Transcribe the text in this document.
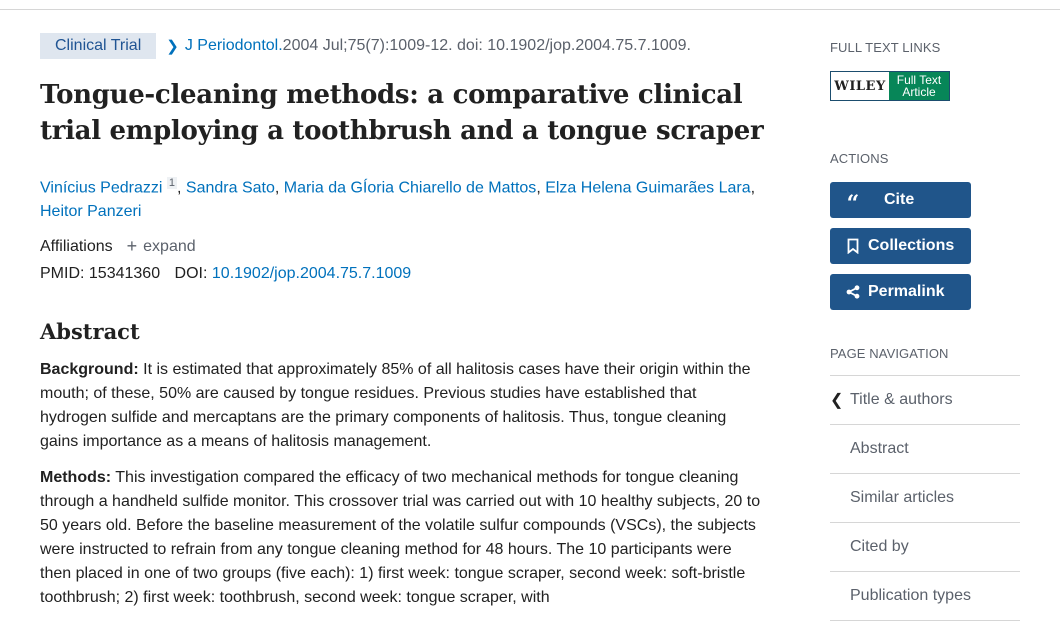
Clinical Trial	❯ J Periodontol. 2004 Jul;75(7):1009-12. doi: 10.1902/jop.2004.75.7.1009.
Tongue-cleaning methods: a comparative clinical trial employing a toothbrush and a tongue scraper
Vinícius Pedrazzi $^1$ , Sandra Sato, Maria da GÍoria Chiarello de Mattos, Elza Helena Guimarães Lara,
Heitor Panzeri
Affiliations + expand
PMID: 15341360 DOI: 10.1902/jop.2004.75.7.1009
Abstract

Background: It is estimated that approximately 85% of all halitosis cases have their origin within the mouth; of these, 50% are caused by tongue residues. Previous studies have established that hydrogen sulfide and mercaptans are the primary components of halitosis. Thus, tongue cleaning gains importance as a means of halitosis management.

Methods: This investigation compared the efficacy of two mechanical methods for tongue cleaning through a handheld sulfide monitor. This crossover trial was carried out with 10 healthy subjects, 20 to 50 years old. Before the baseline measurement of the volatile sulfur compounds (VSCs), the subjects were instructed to refrain from any tongue cleaning method for 48 hours. The 10 participants were then placed in one of two groups (five each): 1) first week: tongue scraper, second week: soft-bristle toothbrush; 2) first week: toothbrush, second week: tongue scraper, with

FULL TEXT LINKS
WILEY Full Text
Article
ACTIONS
“ Cite
Collections
Permalink
PAGE NAVIGATION
❮ Title & authors
Abstract
Similar articles
Cited by
Publication types
